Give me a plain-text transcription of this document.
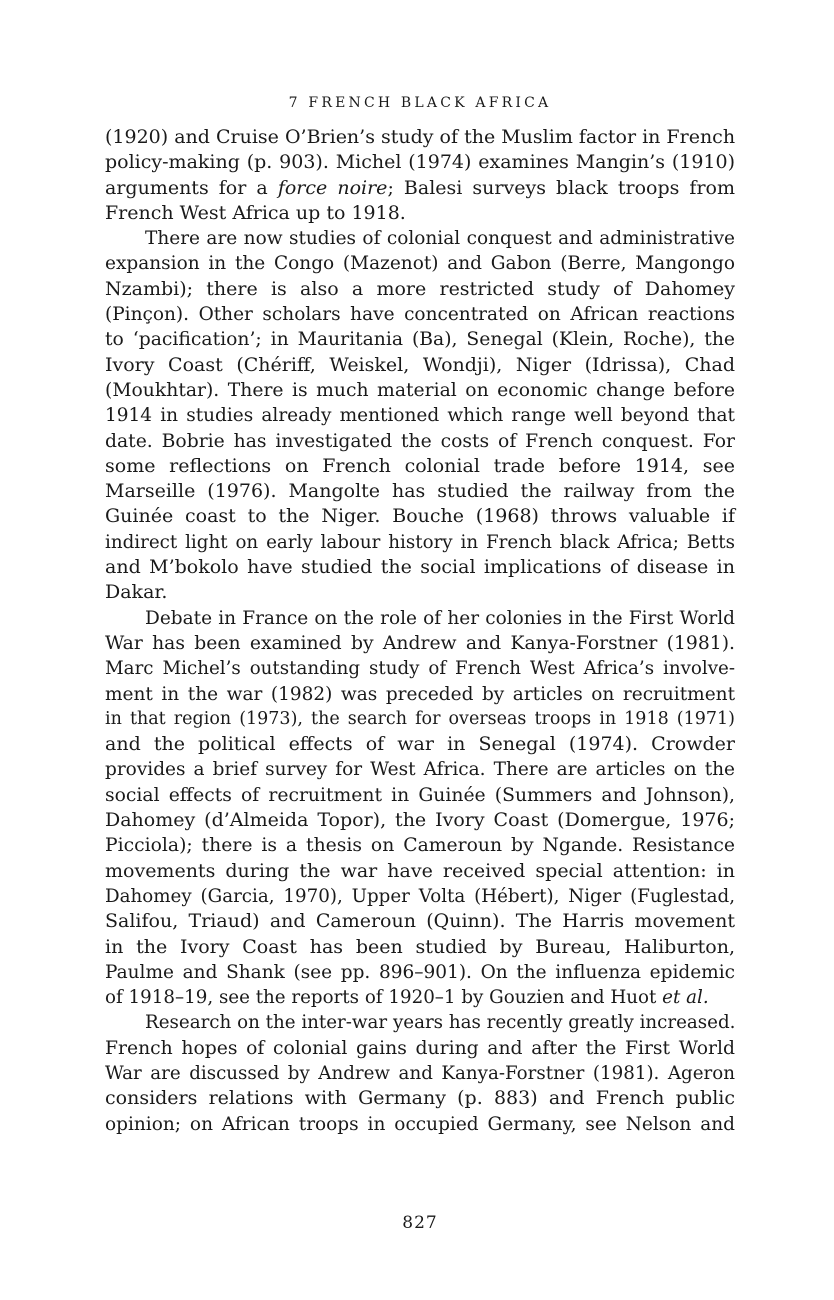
7 FRENCH BLACK AFRICA
(1920) and Cruise O’Brien’s study of the Muslim factor in French
policy-making (p. 903). Michel (1974) examines Mangin’s (1910)
arguments for a force noire; Balesi surveys black troops from
French West Africa up to 1918.
There are now studies of colonial conquest and administrative
expansion in the Congo (Mazenot) and Gabon (Berre, Mangongo
Nzambi); there is also a more restricted study of Dahomey
(Pinçon). Other scholars have concentrated on African reactions
to ‘pacification’; in Mauritania (Ba), Senegal (Klein, Roche), the
Ivory Coast (Chériff, Weiskel, Wondji), Niger (Idrissa), Chad
(Moukhtar). There is much material on economic change before
1914 in studies already mentioned which range well beyond that
date. Bobrie has investigated the costs of French conquest. For
some reflections on French colonial trade before 1914, see
Marseille (1976). Mangolte has studied the railway from the
Guinée coast to the Niger. Bouche (1968) throws valuable if
indirect light on early labour history in French black Africa; Betts
and M’bokolo have studied the social implications of disease in
Dakar.
Debate in France on the role of her colonies in the First World
War has been examined by Andrew and Kanya-Forstner (1981).
Marc Michel’s outstanding study of French West Africa’s involve-
ment in the war (1982) was preceded by articles on recruitment
in that region (1973), the search for overseas troops in 1918 (1971)
and the political effects of war in Senegal (1974). Crowder
provides a brief survey for West Africa. There are articles on the
social effects of recruitment in Guinée (Summers and Johnson),
Dahomey (d’Almeida Topor), the Ivory Coast (Domergue, 1976;
Picciola); there is a thesis on Cameroun by Ngande. Resistance
movements during the war have received special attention: in
Dahomey (Garcia, 1970), Upper Volta (Hébert), Niger (Fuglestad,
Salifou, Triaud) and Cameroun (Quinn). The Harris movement
in the Ivory Coast has been studied by Bureau, Haliburton,
Paulme and Shank (see pp. 896–901). On the influenza epidemic
of 1918–19, see the reports of 1920–1 by Gouzien and Huot et al.
Research on the inter-war years has recently greatly increased.
French hopes of colonial gains during and after the First World
War are discussed by Andrew and Kanya-Forstner (1981). Ageron
considers relations with Germany (p. 883) and French public
opinion; on African troops in occupied Germany, see Nelson and
827
